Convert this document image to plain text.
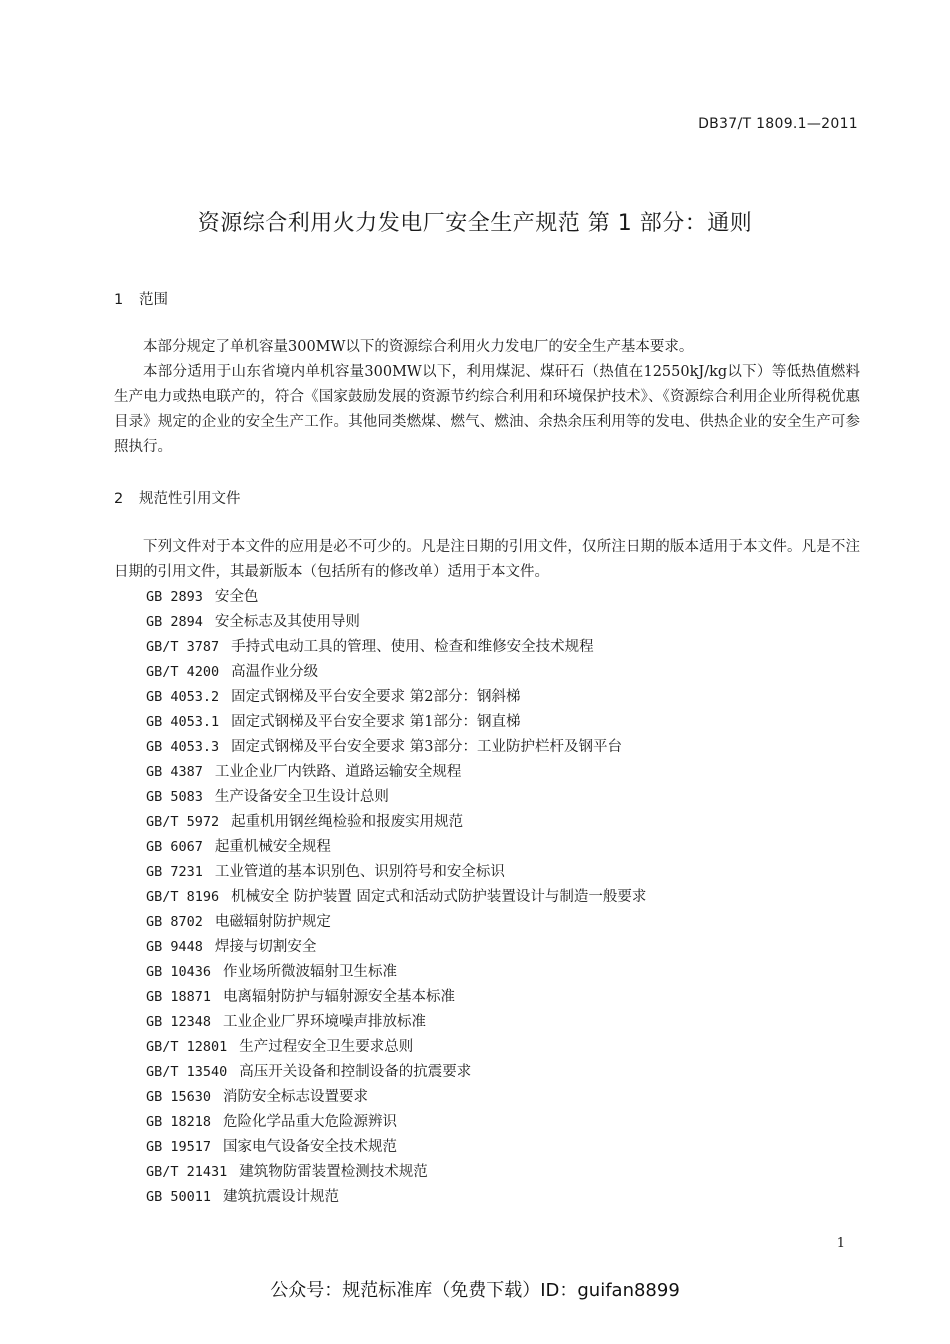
DB37/T 1809.1—2011
资源综合利用火力发电厂安全生产规范 第 1 部分：通则
1 范围

本部分规定了单机容量300MW以下的资源综合利用火力发电厂的安全生产基本要求。

本部分适用于山东省境内单机容量300MW以下，利用煤泥、煤矸石（热值在12550kJ/kg以下）等低热值燃料生产电力或热电联产的，符合《国家鼓励发展的资源节约综合利用和环境保护技术》、《资源综合利用企业所得税优惠目录》规定的企业的安全生产工作。其他同类燃煤、燃气、燃油、余热余压利用等的发电、供热企业的安全生产可参照执行。

2 规范性引用文件

下列文件对于本文件的应用是必不可少的。凡是注日期的引用文件，仅所注日期的版本适用于本文件。凡是不注日期的引用文件，其最新版本（包括所有的修改单）适用于本文件。

GB 2893 安全色
GB 2894 安全标志及其使用导则
GB/T 3787 手持式电动工具的管理、使用、检查和维修安全技术规程
GB/T 4200 高温作业分级
GB 4053.2 固定式钢梯及平台安全要求 第2部分：钢斜梯
GB 4053.1 固定式钢梯及平台安全要求 第1部分：钢直梯
GB 4053.3 固定式钢梯及平台安全要求 第3部分：工业防护栏杆及钢平台
GB 4387 工业企业厂内铁路、道路运输安全规程
GB 5083 生产设备安全卫生设计总则
GB/T 5972 起重机用钢丝绳检验和报废实用规范
GB 6067 起重机械安全规程
GB 7231 工业管道的基本识别色、识别符号和安全标识
GB/T 8196 机械安全 防护装置 固定式和活动式防护装置设计与制造一般要求
GB 8702 电磁辐射防护规定
GB 9448 焊接与切割安全
GB 10436 作业场所微波辐射卫生标准
GB 18871 电离辐射防护与辐射源安全基本标准
GB 12348 工业企业厂界环境噪声排放标准
GB/T 12801 生产过程安全卫生要求总则
GB/T 13540 高压开关设备和控制设备的抗震要求
GB 15630 消防安全标志设置要求
GB 18218 危险化学品重大危险源辨识
GB 19517 国家电气设备安全技术规范
GB/T 21431 建筑物防雷装置检测技术规范
GB 50011 建筑抗震设计规范
1
公众号：规范标准库（免费下载）ID：guifan8899
